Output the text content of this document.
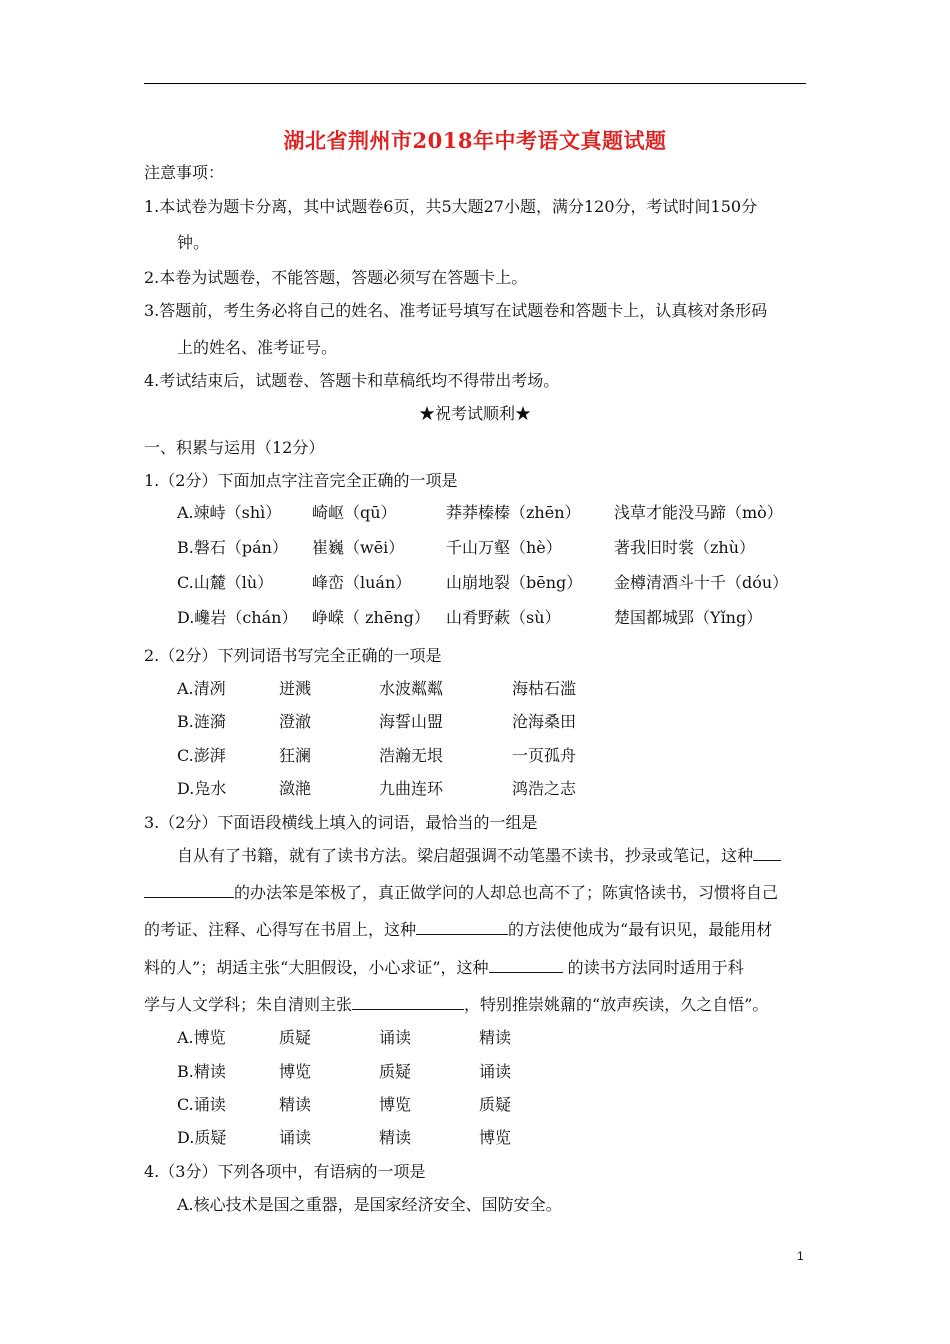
湖北省荆州市2018年中考语文真题试题
注意事项：
1.本试卷为题卡分离，其中试题卷6页，共5大题27小题，满分120分，考试时间150分
钟。
2.本卷为试题卷，不能答题，答题必须写在答题卡上。
3.答题前，考生务必将自己的姓名、准考证号填写在试题卷和答题卡上，认真核对条形码
上的姓名、准考证号。
4.考试结束后，试题卷、答题卡和草稿纸均不得带出考场。
★祝考试顺利★
一、积累与运用（12分）
1.（2分）下面加点字注音完全正确的一项是
A.竦峙（shì） 崎岖（qū）	莽莽榛榛（zhēn） 浅草才能没马蹄（mò）
B.磐石（pán） 崔巍（wēi）	千山万壑（hè）	著我旧时裳（zhù）
C.山麓（lù） 峰峦（luán） 山崩地裂（bēng） 金樽清酒斗十千（dóu）
D.巉岩（chán） 峥嵘（ zhēng） 山肴野蔌（sù）	楚国都城郢（Yǐng）
2.（2分）下列词语书写完全正确的一项是
A.清冽	迸溅	水波粼粼	海枯石滥
B.涟漪	澄澈	海誓山盟	沧海桑田
C.澎湃	狂澜	浩瀚无垠	一页孤舟
D.凫水	潋滟	九曲连环	鸿浩之志
3.（2分）下面语段横线上填入的词语，最恰当的一组是
自从有了书籍，就有了读书方法。梁启超强调不动笔墨不读书，抄录或笔记，这种
的办法笨是笨极了，真正做学问的人却总也高不了；陈寅恪读书，习惯将自己
的考证、注释、心得写在书眉上，这种	的方法使他成为“最有识见，最能用材
料的人”；胡适主张“大胆假设，小心求证”，这种	的读书方法同时适用于科
学与人文学科；朱自清则主张	，特别推崇姚鼐的“放声疾读，久之自悟”。
A.博览	质疑	诵读	精读
B.精读	博览	质疑	诵读
C.诵读	精读	博览	质疑
D.质疑	诵读	精读	博览
4.（3分）下列各项中，有语病的一项是
A.核心技术是国之重器，是国家经济安全、国防安全。
1
